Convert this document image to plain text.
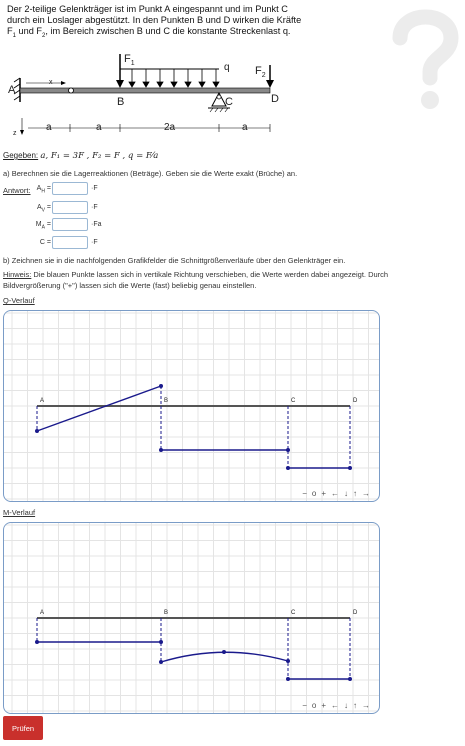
Der 2-teilige Gelenkträger ist im Punkt A eingespannt und im Punkt C
durch ein Loslager abgestützt. In den Punkten B und D wirken die Kräfte
$F_1$ und $F_2$, im Bereich zwischen B und C die konstante Streckenlast q.
A
x
z
B	C	D
q
$F_1$
$F_2$
a	a	2a	a
Gegeben: a, F₁ = 3F , F₂ = F , q = F⁄a
a) Berechnen sie die Lagerreaktionen (Beträge). Geben sie die Werte exakt (Brüche) an.
Antwort: $A_H$ =	·F
$A_V$ =	·F
$M_A$ =	·Fa
C =	·F
b) Zeichnen sie in die nachfolgenden Grafikfelder die Schnittgrößenverläufe über den Gelenkträger ein.
Hinweis: Die blauen Punkte lassen sich in vertikale Richtung verschieben, die Werte werden dabei angezeigt. Durch
Bildvergrößerung ("+") lassen sich die Werte (fast) beliebig genau einstellen.
Q-Verlauf
A	B	C	D
− o + ← ↓ ↑ →
M-Verlauf
A	B	C	D
− o + ← ↓ ↑ →
Prüfen
